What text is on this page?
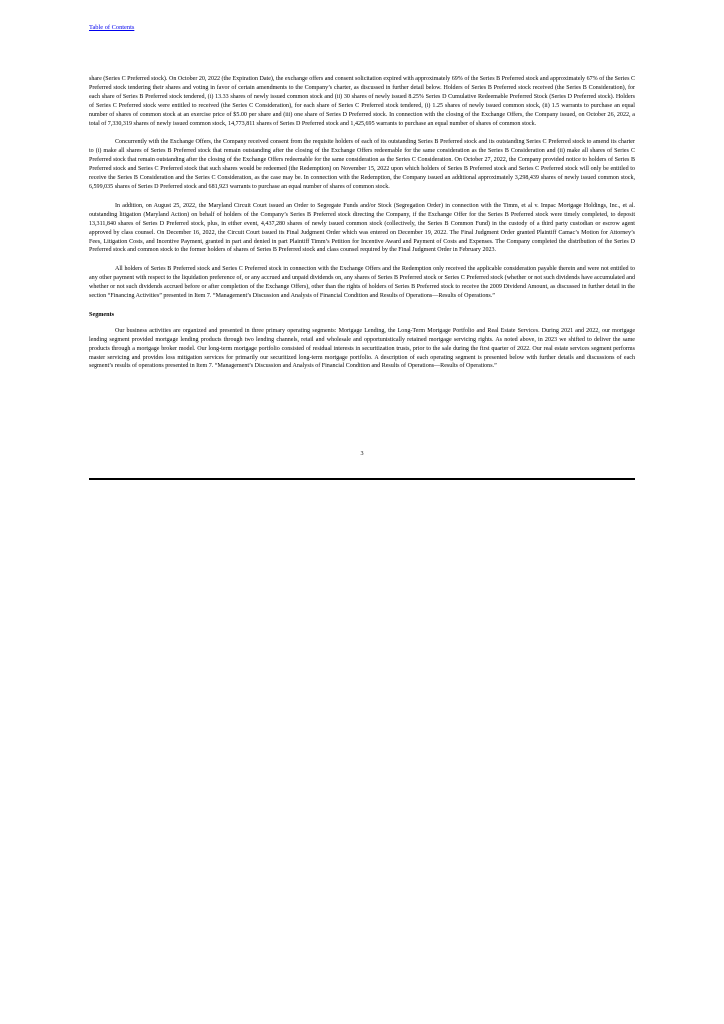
Table of Contents

share (Series C Preferred stock). On October 20, 2022 (the Expiration Date), the exchange offers and consent solicitation expired with approximately 69% of the Series B Preferred stock and approximately 67% of the Series C Preferred stock tendering their shares and voting in favor of certain amendments to the Company’s charter, as discussed in further detail below. Holders of Series B Preferred stock received (the Series B Consideration), for each share of Series B Preferred stock tendered, (i) 13.33 shares of newly issued common stock and (ii) 30 shares of newly issued 8.25% Series D Cumulative Redeemable Preferred Stock (Series D Preferred stock). Holders of Series C Preferred stock were entitled to received (the Series C Consideration), for each share of Series C Preferred stock tendered, (i) 1.25 shares of newly issued common stock, (ii) 1.5 warrants to purchase an equal number of shares of common stock at an exercise price of $5.00 per share and (iii) one share of Series D Preferred stock. In connection with the closing of the Exchange Offers, the Company issued, on October 26, 2022, a total of 7,330,319 shares of newly issued common stock, 14,773,811 shares of Series D Preferred stock and 1,425,695 warrants to purchase an equal number of shares of common stock.

Concurrently with the Exchange Offers, the Company received consent from the requisite holders of each of its outstanding Series B Preferred stock and its outstanding Series C Preferred stock to amend its charter to (i) make all shares of Series B Preferred stock that remain outstanding after the closing of the Exchange Offers redeemable for the same consideration as the Series B Consideration and (ii) make all shares of Series C Preferred stock that remain outstanding after the closing of the Exchange Offers redeemable for the same consideration as the Series C Consideration. On October 27, 2022, the Company provided notice to holders of Series B Preferred stock and Series C Preferred stock that such shares would be redeemed (the Redemption) on November 15, 2022 upon which holders of Series B Preferred stock and Series C Preferred stock will only be entitled to receive the Series B Consideration and the Series C Consideration, as the case may be. In connection with the Redemption, the Company issued an additional approximately 3,298,439 shares of newly issued common stock, 6,599,035 shares of Series D Preferred stock and 681,923 warrants to purchase an equal number of shares of common stock.

In addition, on August 25, 2022, the Maryland Circuit Court issued an Order to Segregate Funds and/or Stock (Segregation Order) in connection with the Timm, et al v. Impac Mortgage Holdings, Inc., et al. outstanding litigation (Maryland Action) on behalf of holders of the Company’s Series B Preferred stock directing the Company, if the Exchange Offer for the Series B Preferred stock were timely completed, to deposit 13,311,840 shares of Series D Preferred stock, plus, in either event, 4,437,280 shares of newly issued common stock (collectively, the Series B Common Fund) in the custody of a third party custodian or escrow agent approved by class counsel. On December 16, 2022, the Circuit Court issued its Final Judgment Order which was entered on December 19, 2022. The Final Judgment Order granted Plaintiff Camac’s Motion for Attorney’s Fees, Litigation Costs, and Incentive Payment, granted in part and denied in part Plaintiff Timm’s Petition for Incentive Award and Payment of Costs and Expenses. The Company completed the distribution of the Series D Preferred stock and common stock to the former holders of shares of Series B Preferred stock and class counsel required by the Final Judgment Order in February 2023.

All holders of Series B Preferred stock and Series C Preferred stock in connection with the Exchange Offers and the Redemption only received the applicable consideration payable therein and were not entitled to any other payment with respect to the liquidation preference of, or any accrued and unpaid dividends on, any shares of Series B Preferred stock or Series C Preferred stock (whether or not such dividends have accumulated and whether or not such dividends accrued before or after completion of the Exchange Offers), other than the rights of holders of Series B Preferred stock to receive the 2009 Dividend Amount, as discussed in further detail in the section “Financing Activities” presented in Item 7. “Management’s Discussion and Analysis of Financial Condition and Results of Operations—Results of Operations.”

Segments

Our business activities are organized and presented in three primary operating segments: Mortgage Lending, the Long-Term Mortgage Portfolio and Real Estate Services. During 2021 and 2022, our mortgage lending segment provided mortgage lending products through two lending channels, retail and wholesale and opportunistically retained mortgage servicing rights. As noted above, in 2023 we shifted to deliver the same products through a mortgage broker model. Our long-term mortgage portfolio consisted of residual interests in securitization trusts, prior to the sale during the first quarter of 2022. Our real estate services segment performs master servicing and provides loss mitigation services for primarily our securitized long-term mortgage portfolio. A description of each operating segment is presented below with further details and discussions of each segment’s results of operations presented in Item 7. “Management’s Discussion and Analysis of Financial Condition and Results of Operations—Results of Operations.”

3
